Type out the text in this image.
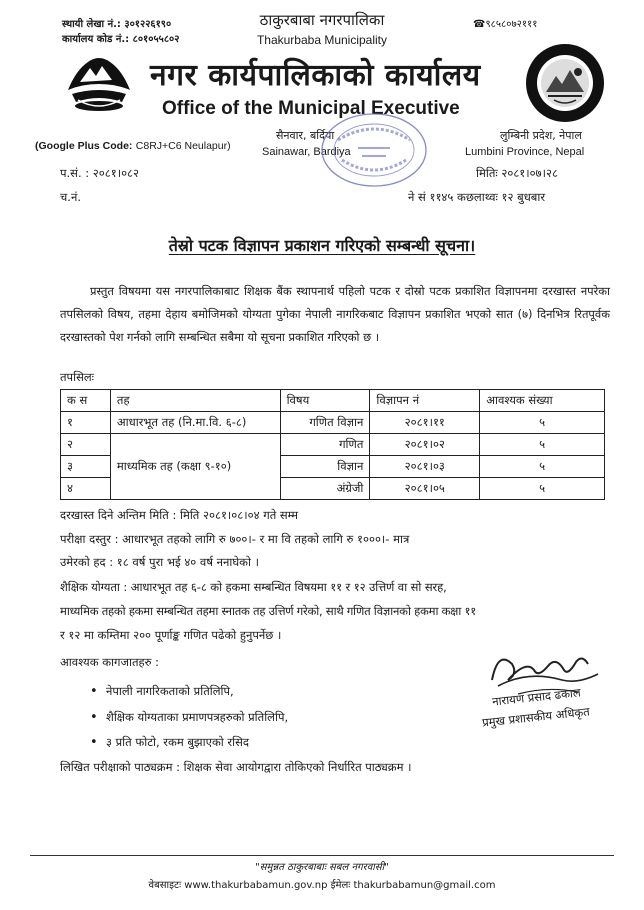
स्थायी लेखा नं.: ३०१२२६१९०
कार्यालय कोड नं.: ८०१०५५८०२
ठाकुरबाबा नगरपालिका
Thakurbaba Municipality
☎९८५८०७२१११
नगर कार्यपालिकाको कार्यालय
Office of the Municipal Executive
(Google Plus Code: C8RJ+C6 Neulapur)
सैनवार, बर्दिया
Sainawar, Bardiya
लुम्बिनी प्रदेश, नेपाल
Lumbini Province, Nepal
प.सं. : २०८१।०८२
च.नं.
मितिः २०८१।०७।२८
ने सं ११४५ कछलाथ्वः १२ बुधबार
तेस्रो पटक विज्ञापन प्रकाशन गरिएको सम्बन्धी सूचना।
प्रस्तुत विषयमा यस नगरपालिकाबाट शिक्षक बैंक स्थापनार्थ पहिलो पटक र दोस्रो पटक प्रकाशित विज्ञापनमा दरखास्त नपरेका तपसिलको विषय, तहमा देहाय बमोजिमको योग्यता पुगेका नेपाली नागरिकबाट विज्ञापन प्रकाशित भएको सात (७) दिनभित्र रितपूर्वक दरखास्तको पेश गर्नको लागि सम्बन्धित सबैमा यो सूचना प्रकाशित गरिएको छ ।
तपसिलः
क स	तह	विषय	विज्ञापन नं	आवश्यक संख्या
१	आधारभूत तह (नि.मा.वि. ६-८)	गणित विज्ञान	२०८१।११	५
२	माध्यमिक तह (कक्षा ९-१०)	गणित	२०८१।०२	५
३		विज्ञान	२०८१।०३	५
४		अंग्रेजी	२०८१।०५	५
दरखास्त दिने अन्तिम मिति : मिति २०८१।०८।०४ गते सम्म
परीक्षा दस्तुर : आधारभूत तहको लागि रु ७००।- र मा वि तहको लागि रु १०००।- मात्र
उमेरको हद : १८ वर्ष पुरा भई ४० वर्ष ननाघेको ।
शैक्षिक योग्यता : आधारभूत तह ६-८ को हकमा सम्बन्धित विषयमा ११ र १२ उत्तिर्ण वा सो सरह,
माध्यमिक तहको हकमा सम्बन्धित तहमा स्नातक तह उत्तिर्ण गरेको, साथै गणित विज्ञानको हकमा कक्षा ११
र १२ मा कम्तिमा २०० पूर्णाङ्क गणित पढेको हुनुपर्नेछ ।
आवश्यक कागजातहरु :
• नेपाली नागरिकताको प्रतिलिपि,
• शैक्षिक योग्यताका प्रमाणपत्रहरुको प्रतिलिपि,
• ३ प्रति फोटो, रकम बुझाएको रसिद
लिखित परीक्षाको पाठ्यक्रम : शिक्षक सेवा आयोगद्वारा तोकिएको निर्धारित पाठ्यक्रम ।
नारायण प्रसाद ढकाल
प्रमुख प्रशासकीय अधिकृत
"समुन्नत ठाकुरबाबाः सबल नगरवासी"
वेबसाइटः www.thakurbabamun.gov.np ईमेलः thakurbabamun@gmail.com
